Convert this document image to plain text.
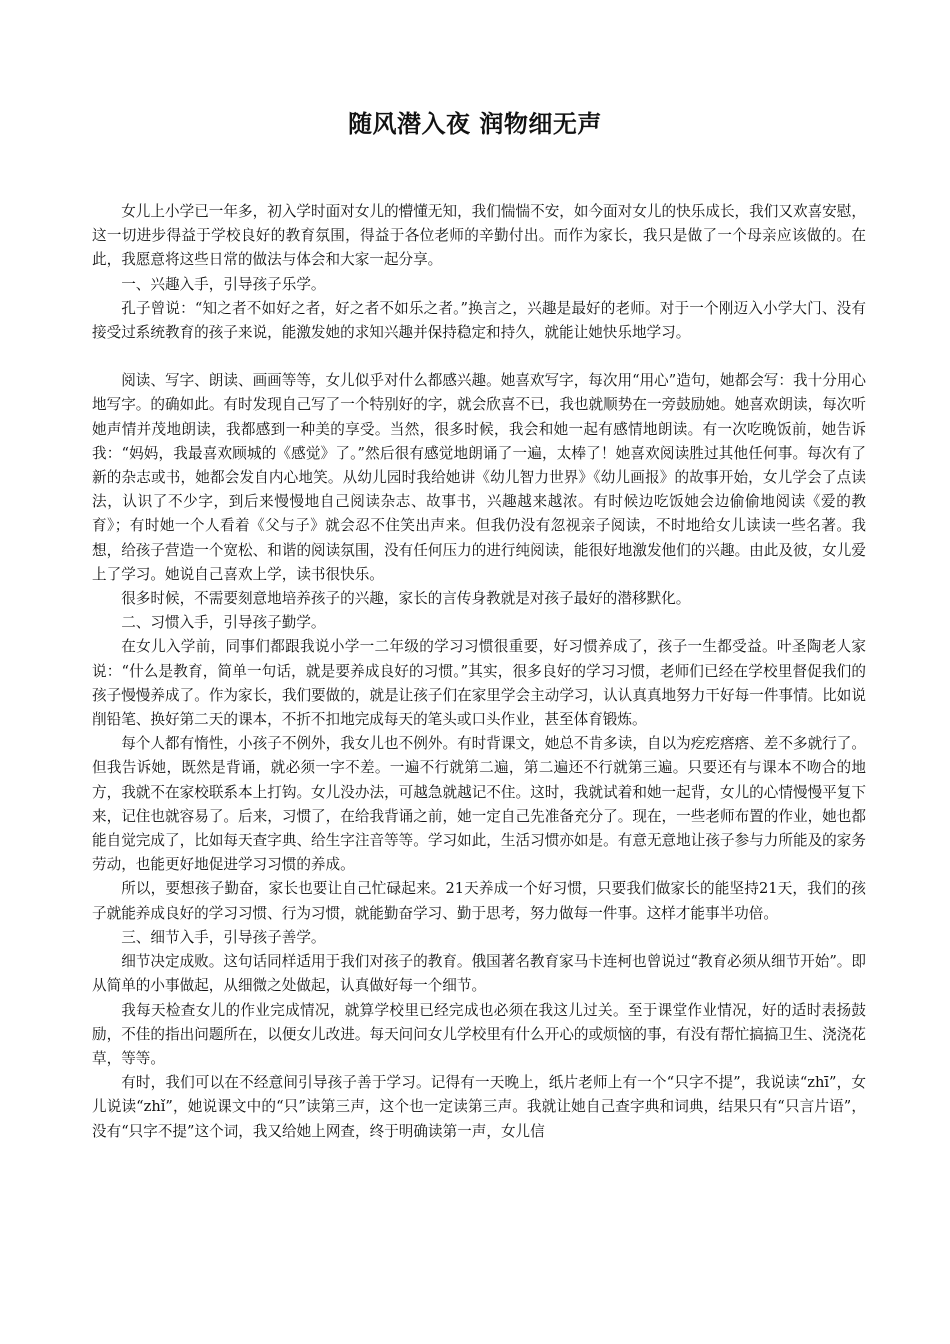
随风潜入夜 润物细无声

女儿上小学已一年多，初入学时面对女儿的懵懂无知，我们惴惴不安，如今面对女儿的快乐成长，我们又欢喜安慰，这一切进步得益于学校良好的教育氛围，得益于各位老师的辛勤付出。而作为家长，我只是做了一个母亲应该做的。在此，我愿意将这些日常的做法与体会和大家一起分享。

一、兴趣入手，引导孩子乐学。

孔子曾说：“知之者不如好之者，好之者不如乐之者。”换言之，兴趣是最好的老师。对于一个刚迈入小学大门、没有接受过系统教育的孩子来说，能激发她的求知兴趣并保持稳定和持久，就能让她快乐地学习。

阅读、写字、朗读、画画等等，女儿似乎对什么都感兴趣。她喜欢写字，每次用“用心”造句，她都会写：我十分用心地写字。的确如此。有时发现自己写了一个特别好的字，就会欣喜不已，我也就顺势在一旁鼓励她。她喜欢朗读，每次听她声情并茂地朗读，我都感到一种美的享受。当然，很多时候，我会和她一起有感情地朗读。有一次吃晚饭前，她告诉我：“妈妈，我最喜欢顾城的《感觉》了。”然后很有感觉地朗诵了一遍，太棒了！她喜欢阅读胜过其他任何事。每次有了新的杂志或书，她都会发自内心地笑。从幼儿园时我给她讲《幼儿智力世界》《幼儿画报》的故事开始，女儿学会了点读法，认识了不少字，到后来慢慢地自己阅读杂志、故事书，兴趣越来越浓。有时候边吃饭她会边偷偷地阅读《爱的教育》；有时她一个人看着《父与子》就会忍不住笑出声来。但我仍没有忽视亲子阅读，不时地给女儿读读一些名著。我想，给孩子营造一个宽松、和谐的阅读氛围，没有任何压力的进行纯阅读，能很好地激发他们的兴趣。由此及彼，女儿爱上了学习。她说自己喜欢上学，读书很快乐。

很多时候，不需要刻意地培养孩子的兴趣，家长的言传身教就是对孩子最好的潜移默化。

二、习惯入手，引导孩子勤学。

在女儿入学前，同事们都跟我说小学一二年级的学习习惯很重要，好习惯养成了，孩子一生都受益。叶圣陶老人家说：“什么是教育，简单一句话，就是要养成良好的习惯。”其实，很多良好的学习习惯，老师们已经在学校里督促我们的孩子慢慢养成了。作为家长，我们要做的，就是让孩子们在家里学会主动学习，认认真真地努力干好每一件事情。比如说削铅笔、换好第二天的课本，不折不扣地完成每天的笔头或口头作业，甚至体育锻炼。

每个人都有惰性，小孩子不例外，我女儿也不例外。有时背课文，她总不肯多读，自以为疙疙瘩瘩、差不多就行了。但我告诉她，既然是背诵，就必须一字不差。一遍不行就第二遍，第二遍还不行就第三遍。只要还有与课本不吻合的地方，我就不在家校联系本上打钩。女儿没办法，可越急就越记不住。这时，我就试着和她一起背，女儿的心情慢慢平复下来，记住也就容易了。后来，习惯了，在给我背诵之前，她一定自己先准备充分了。现在，一些老师布置的作业，她也都能自觉完成了，比如每天查字典、给生字注音等等。学习如此，生活习惯亦如是。有意无意地让孩子参与力所能及的家务劳动，也能更好地促进学习习惯的养成。

所以，要想孩子勤奋，家长也要让自己忙碌起来。21天养成一个好习惯，只要我们做家长的能坚持21天，我们的孩子就能养成良好的学习习惯、行为习惯，就能勤奋学习、勤于思考，努力做每一件事。这样才能事半功倍。

三、细节入手，引导孩子善学。

细节决定成败。这句话同样适用于我们对孩子的教育。俄国著名教育家马卡连柯也曾说过“教育必须从细节开始”。即从简单的小事做起，从细微之处做起，认真做好每一个细节。

我每天检查女儿的作业完成情况，就算学校里已经完成也必须在我这儿过关。至于课堂作业情况，好的适时表扬鼓励，不佳的指出问题所在，以便女儿改进。每天问问女儿学校里有什么开心的或烦恼的事，有没有帮忙搞搞卫生、浇浇花草，等等。

有时，我们可以在不经意间引导孩子善于学习。记得有一天晚上，纸片老师上有一个“只字不提”，我说读“zhī”，女儿说读“zhǐ”，她说课文中的“只”读第三声，这个也一定读第三声。我就让她自己查字典和词典，结果只有“只言片语”，没有“只字不提”这个词，我又给她上网查，终于明确读第一声，女儿信
